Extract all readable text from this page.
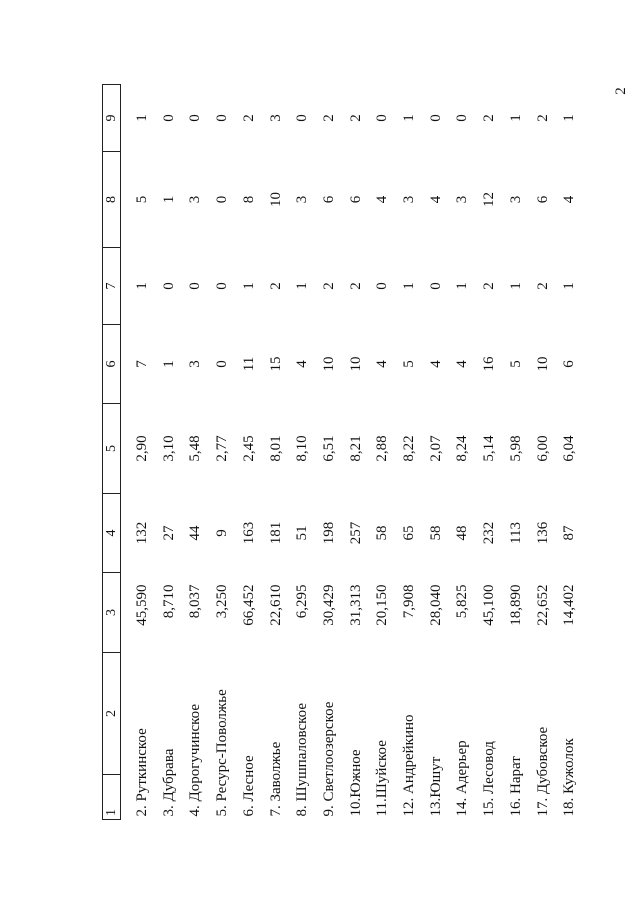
2
1	2	3	4	5	6	7	8	9
2. Руткинское		45,590	132	2,90	7	1	5	1
3. Дубрава		8,710	27	3,10	1	0	1	0
4. Дорогучинское		8,037	44	5,48	3	0	3	0
5. Ресурс-Поволжье		3,250	9	2,77	0	0	0	0
6. Лесное		66,452	163	2,45	11	1	8	2
7. Заволжье		22,610	181	8,01	15	2	10	3
8. Шушпаловское		6,295	51	8,10	4	1	3	0
9. Светлоозерское		30,429	198	6,51	10	2	6	2
10.Южное		31,313	257	8,21	10	2	6	2
11.Шуйское		20,150	58	2,88	4	0	4	0
12. Андрейкино		7,908	65	8,22	5	1	3	1
13.Юшут		28,040	58	2,07	4	0	4	0
14. Адерьер		5,825	48	8,24	4	1	3	0
15. Лесовод		45,100	232	5,14	16	2	12	2
16. Нарат		18,890	113	5,98	5	1	3	1
17. Дубовское		22,652	136	6,00	10	2	6	2
18. Кужолок		14,402	87	6,04	6	1	4	1
